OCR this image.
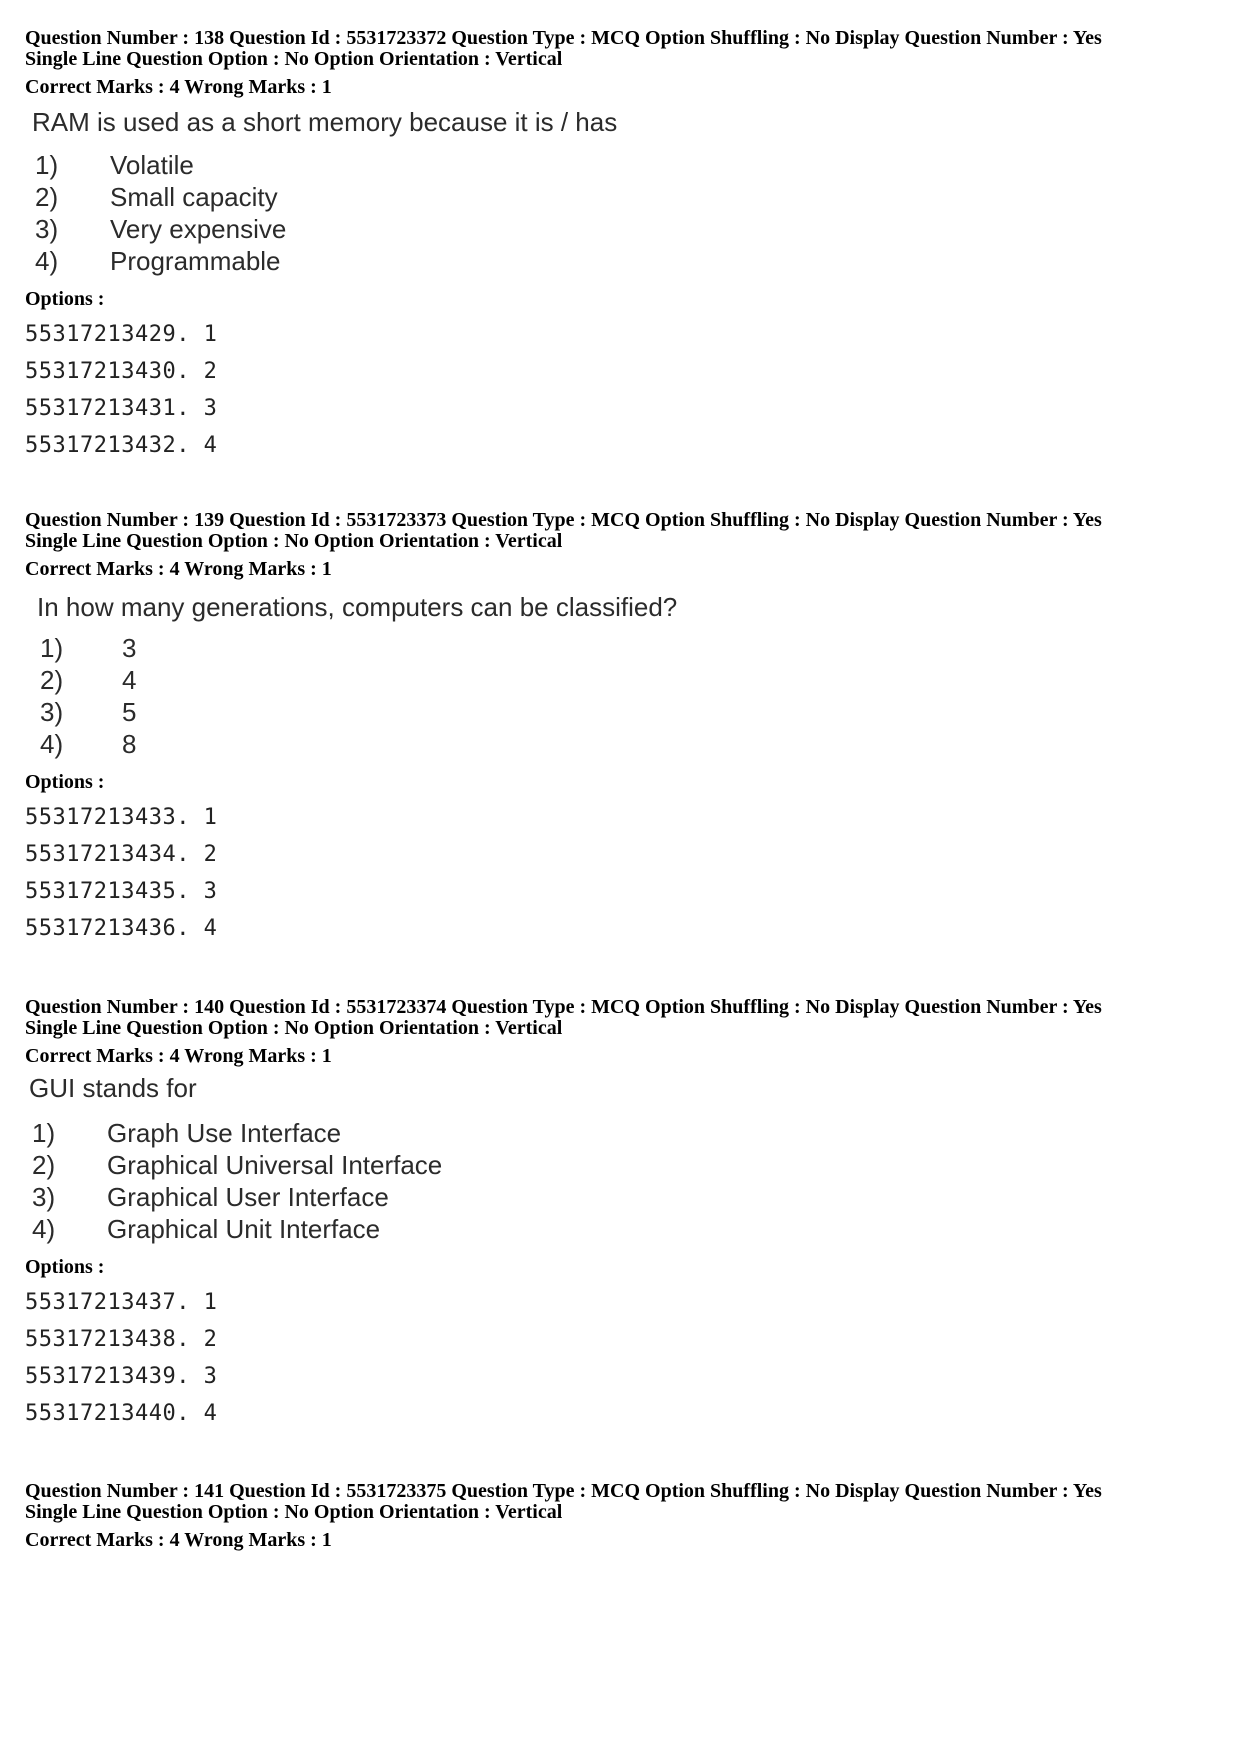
Question Number : 138 Question Id : 5531723372 Question Type : MCQ Option Shuffling : No Display Question Number : Yes
Single Line Question Option : No Option Orientation : Vertical
Correct Marks : 4 Wrong Marks : 1
RAM is used as a short memory because it is / has
1) Volatile
2) Small capacity
3) Very expensive
4) Programmable
Options :
55317213429. 1
55317213430. 2
55317213431. 3
55317213432. 4
Question Number : 139 Question Id : 5531723373 Question Type : MCQ Option Shuffling : No Display Question Number : Yes
Single Line Question Option : No Option Orientation : Vertical
Correct Marks : 4 Wrong Marks : 1
In how many generations, computers can be classified?
1) 3
2) 4
3) 5
4) 8
Options :
55317213433. 1
55317213434. 2
55317213435. 3
55317213436. 4
Question Number : 140 Question Id : 5531723374 Question Type : MCQ Option Shuffling : No Display Question Number : Yes
Single Line Question Option : No Option Orientation : Vertical
Correct Marks : 4 Wrong Marks : 1
GUI stands for
1) Graph Use Interface
2) Graphical Universal Interface
3) Graphical User Interface
4) Graphical Unit Interface
Options :
55317213437. 1
55317213438. 2
55317213439. 3
55317213440. 4
Question Number : 141 Question Id : 5531723375 Question Type : MCQ Option Shuffling : No Display Question Number : Yes
Single Line Question Option : No Option Orientation : Vertical
Correct Marks : 4 Wrong Marks : 1
